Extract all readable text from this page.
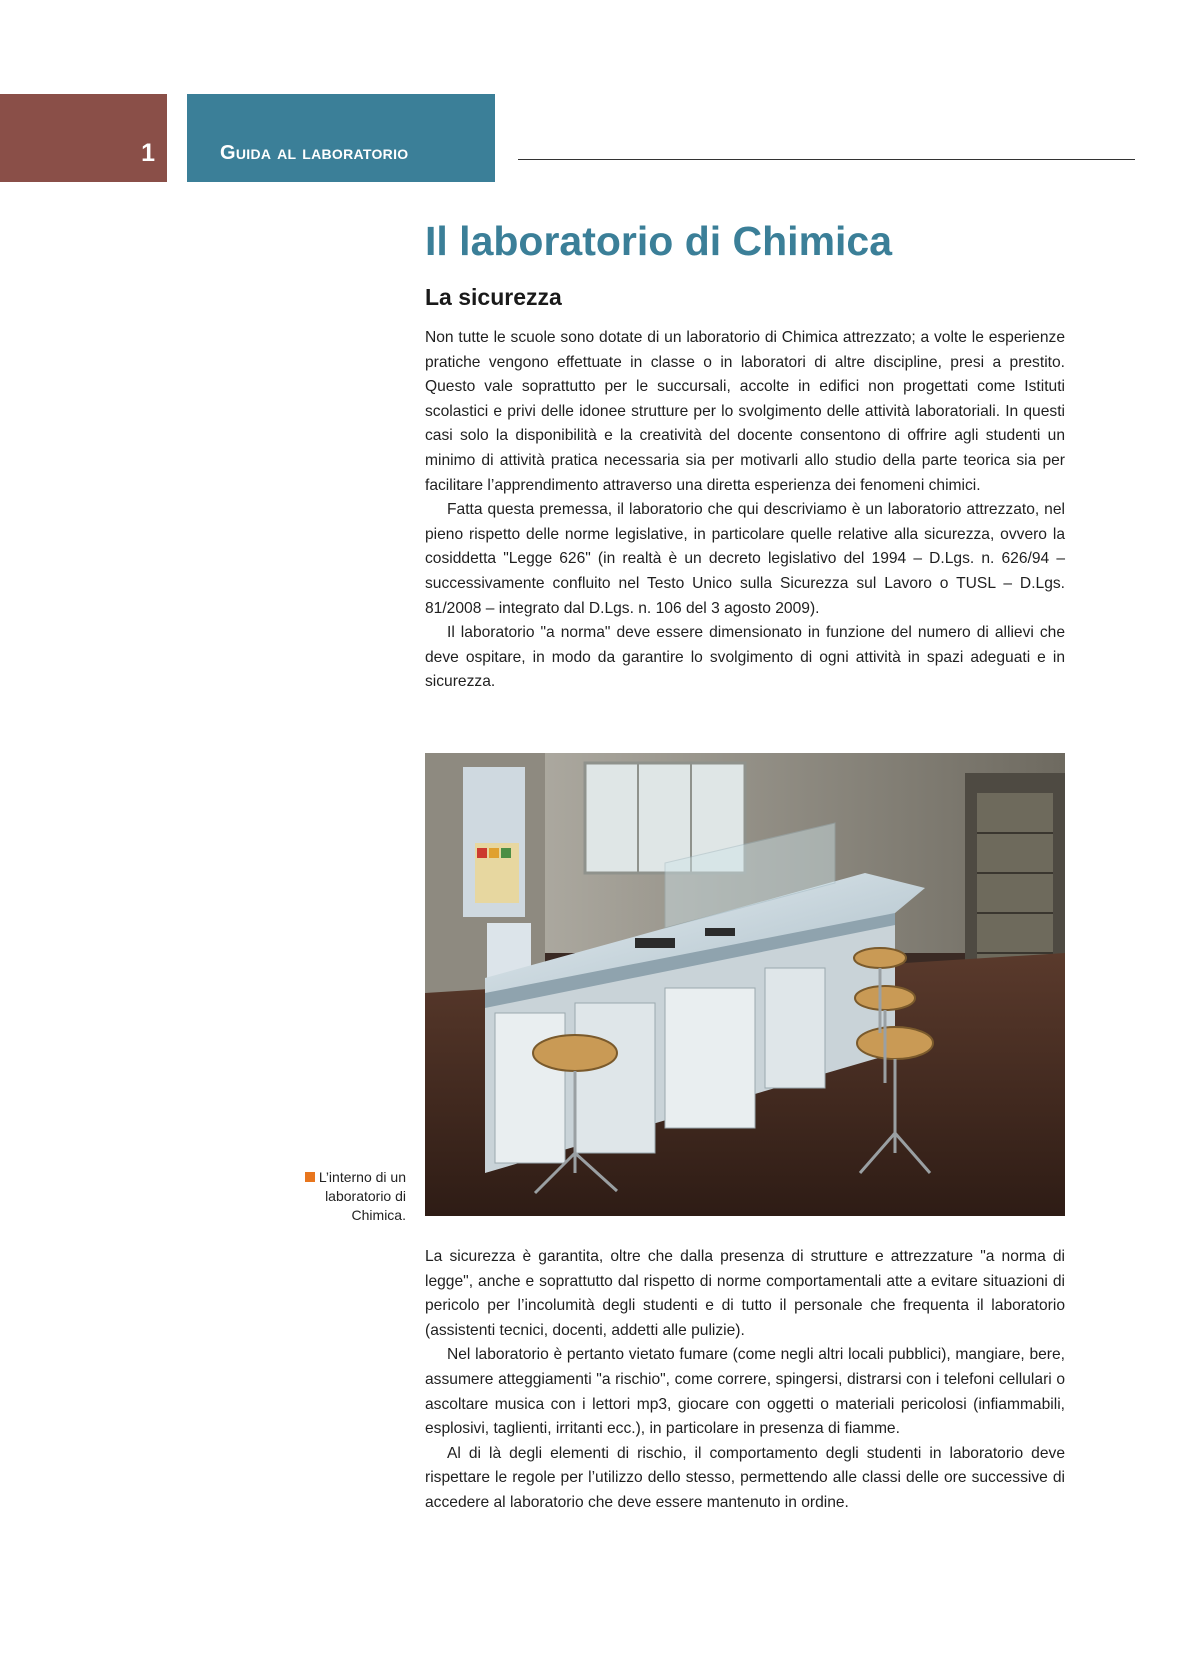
1	Guida al laboratorio
Il laboratorio di Chimica
La sicurezza

Non tutte le scuole sono dotate di un laboratorio di Chimica attrezzato; a volte le esperienze pratiche vengono effettuate in classe o in laboratori di altre discipline, presi a prestito. Questo vale soprattutto per le succursali, accolte in edifici non progettati come Istituti scolastici e privi delle idonee strutture per lo svolgimento delle attività laboratoriali. In questi casi solo la disponibilità e la creatività del docente consentono di offrire agli studenti un minimo di attività pratica necessaria sia per motivarli allo studio della parte teorica sia per facilitare l’apprendimento attraverso una diretta esperienza dei fenomeni chimici.

Fatta questa premessa, il laboratorio che qui descriviamo è un laboratorio attrezzato, nel pieno rispetto delle norme legislative, in particolare quelle relative alla sicurezza, ovvero la cosiddetta "Legge 626" (in realtà è un decreto legislativo del 1994 – D.Lgs. n. 626/94 – successivamente confluito nel Testo Unico sulla Sicurezza sul Lavoro o TUSL – D.Lgs. 81/2008 – integrato dal D.Lgs. n. 106 del 3 agosto 2009).

Il laboratorio "a norma" deve essere dimensionato in funzione del numero di allievi che deve ospitare, in modo da garantire lo svolgimento di ogni attività in spazi adeguati e in sicurezza.

L’interno di un laboratorio di Chimica.

La sicurezza è garantita, oltre che dalla presenza di strutture e attrezzature "a norma di legge", anche e soprattutto dal rispetto di norme comportamentali atte a evitare situazioni di pericolo per l’incolumità degli studenti e di tutto il personale che frequenta il laboratorio (assistenti tecnici, docenti, addetti alle pulizie).

Nel laboratorio è pertanto vietato fumare (come negli altri locali pubblici), mangiare, bere, assumere atteggiamenti "a rischio", come correre, spingersi, distrarsi con i telefoni cellulari o ascoltare musica con i lettori mp3, giocare con oggetti o materiali pericolosi (infiammabili, esplosivi, taglienti, irritanti ecc.), in particolare in presenza di fiamme.

Al di là degli elementi di rischio, il comportamento degli studenti in laboratorio deve rispettare le regole per l’utilizzo dello stesso, permettendo alle classi delle ore successive di accedere al laboratorio che deve essere mantenuto in ordine.
